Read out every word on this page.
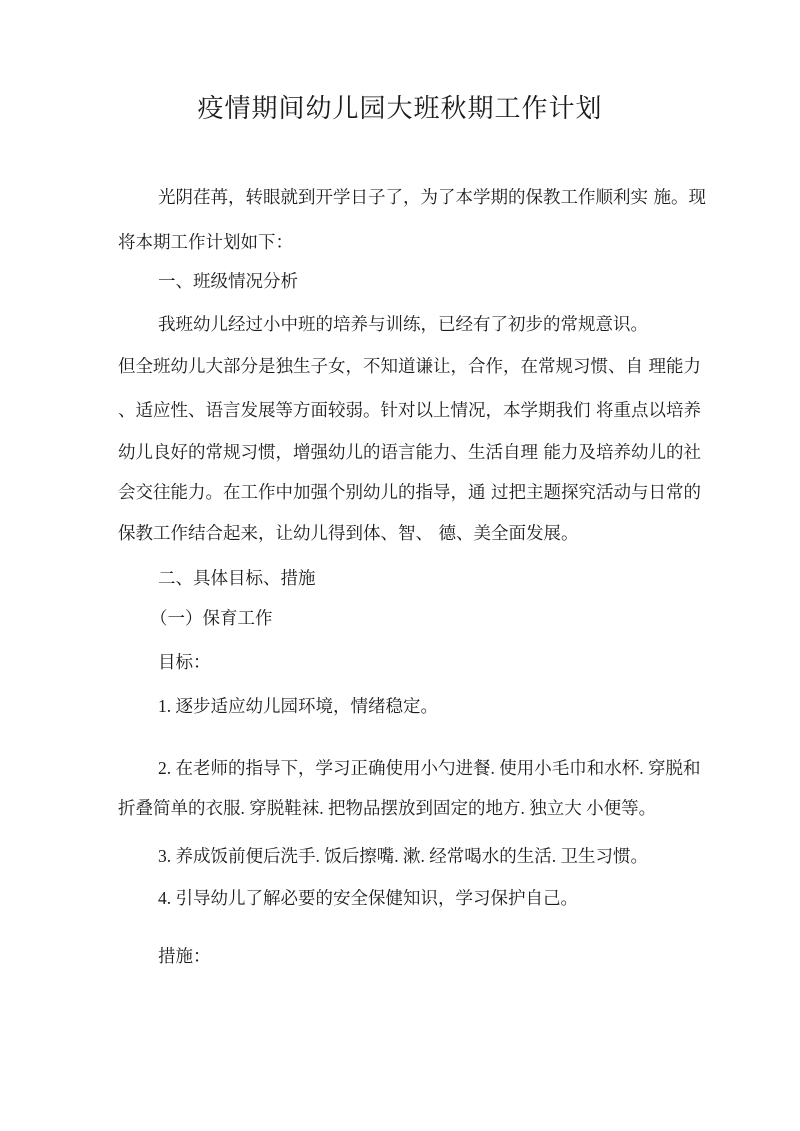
疫情期间幼儿园大班秋期工作计划
光阴荏苒，转眼就到开学日子了，为了本学期的保教工作顺利实 施。现
将本期工作计划如下：
一、班级情况分析
我班幼儿经过小中班的培养与训练，已经有了初步的常规意识。
但全班幼儿大部分是独生子女，不知道谦让，合作，在常规习惯、自 理能力
、适应性、语言发展等方面较弱。针对以上情况，本学期我们 将重点以培养
幼儿良好的常规习惯，增强幼儿的语言能力、生活自理 能力及培养幼儿的社
会交往能力。在工作中加强个别幼儿的指导，通 过把主题探究活动与日常的
保教工作结合起来，让幼儿得到体、智、 德、美全面发展。
二、具体目标、措施
（一）保育工作
目标：
1. 逐步适应幼儿园环境，情绪稳定。
2. 在老师的指导下，学习正确使用小勺进餐. 使用小毛巾和水杯. 穿脱和
折叠简单的衣服. 穿脱鞋袜. 把物品摆放到固定的地方. 独立大 小便等。
3. 养成饭前便后洗手. 饭后擦嘴. 漱. 经常喝水的生活. 卫生习惯。
4. 引导幼儿了解必要的安全保健知识，学习保护自己。
措施：
